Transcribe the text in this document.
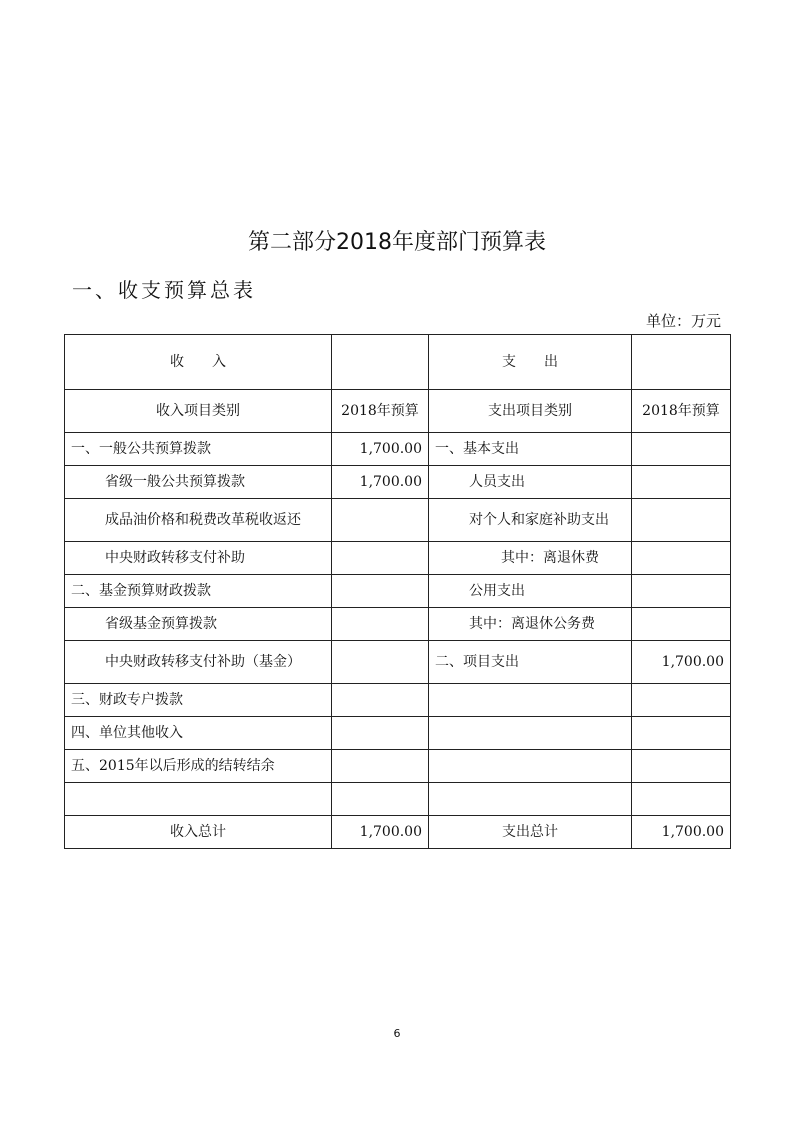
第二部分2018年度部门预算表
一、收支预算总表
单位：万元
收　　入		支　　出	
收入项目类别	2018年预算	支出项目类别	2018年预算
一、一般公共预算拨款	1,700.00	一、基本支出	
省级一般公共预算拨款	1,700.00	人员支出	
成品油价格和税费改革税收返还		对个人和家庭补助支出	
中央财政转移支付补助		其中：离退休费	
二、基金预算财政拨款		公用支出	
省级基金预算拨款		其中：离退休公务费	
中央财政转移支付补助（基金）		二、项目支出	1,700.00
三、财政专户拨款			
四、单位其他收入			
五、2015年以后形成的结转结余			

收入总计	1,700.00	支出总计	1,700.00
6
